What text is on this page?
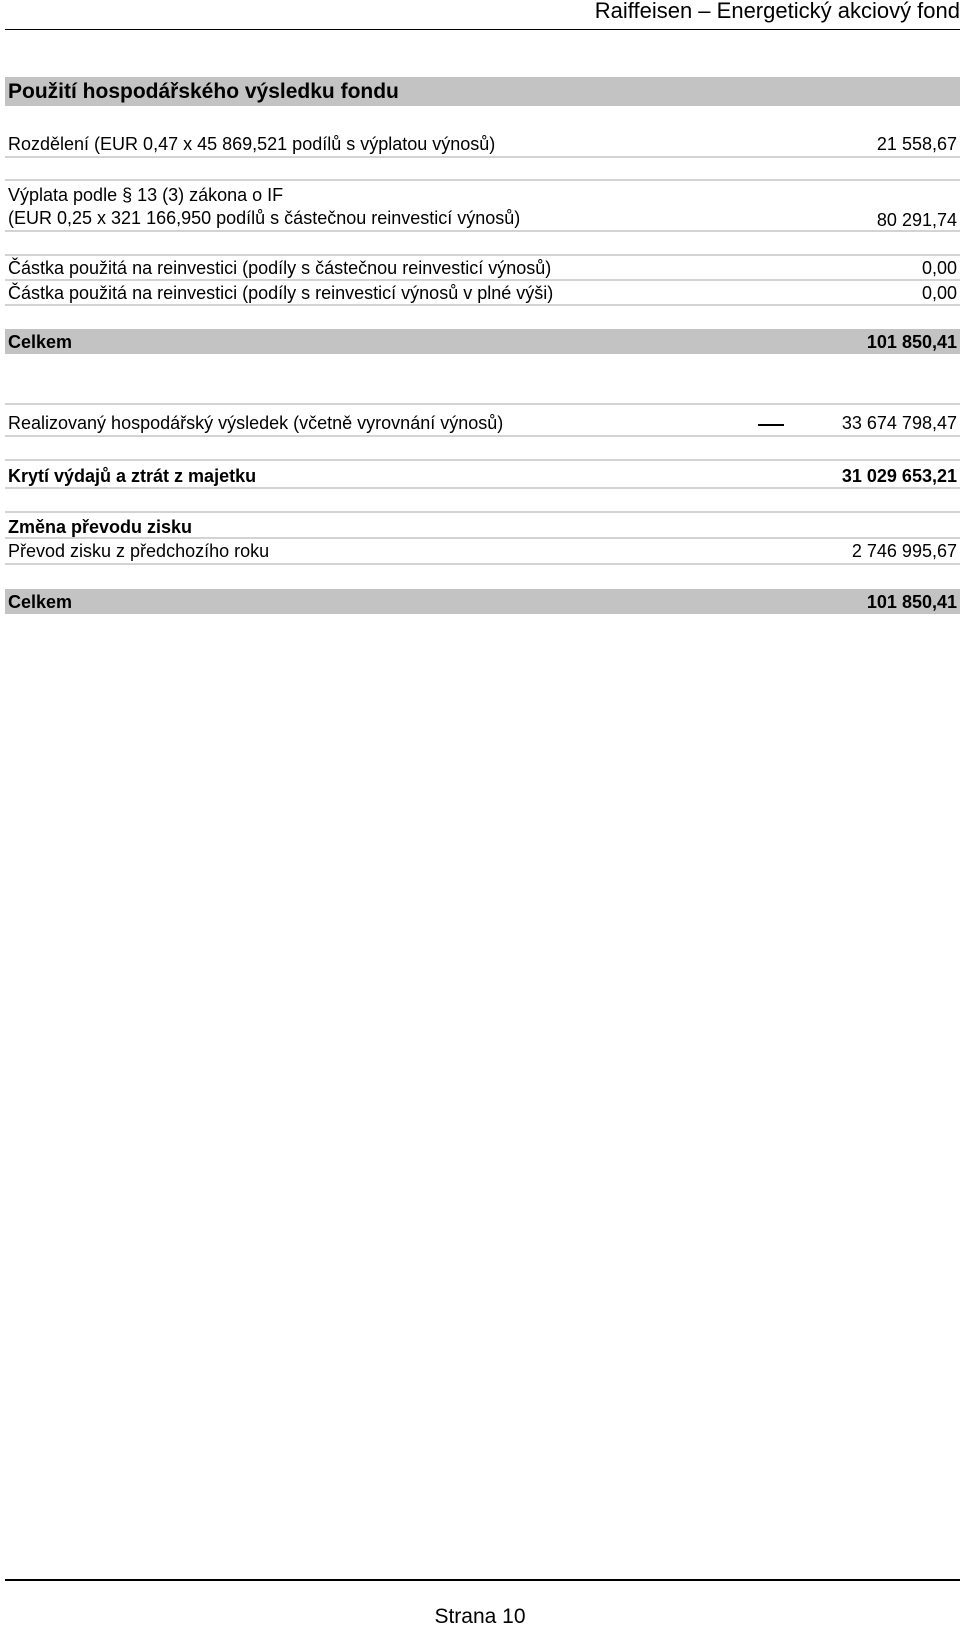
Raiffeisen – Energetický akciový fond
Použití hospodářského výsledku fondu
Rozdělení (EUR 0,47 x 45 869,521 podílů s výplatou výnosů)	21 558,67
Výplata podle § 13 (3) zákona o IF
(EUR 0,25 x 321 166,950 podílů s částečnou reinvesticí výnosů)	80 291,74
Částka použitá na reinvestici (podíly s částečnou reinvesticí výnosů)	0,00
Částka použitá na reinvestici (podíly s reinvesticí výnosů v plné výši)	0,00
Celkem	101 850,41
Realizovaný hospodářský výsledek (včetně vyrovnání výnosů)	33 674 798,47
Krytí výdajů a ztrát z majetku	31 029 653,21
Změna převodu zisku
Převod zisku z předchozího roku	2 746 995,67
Celkem	101 850,41
Strana 10
